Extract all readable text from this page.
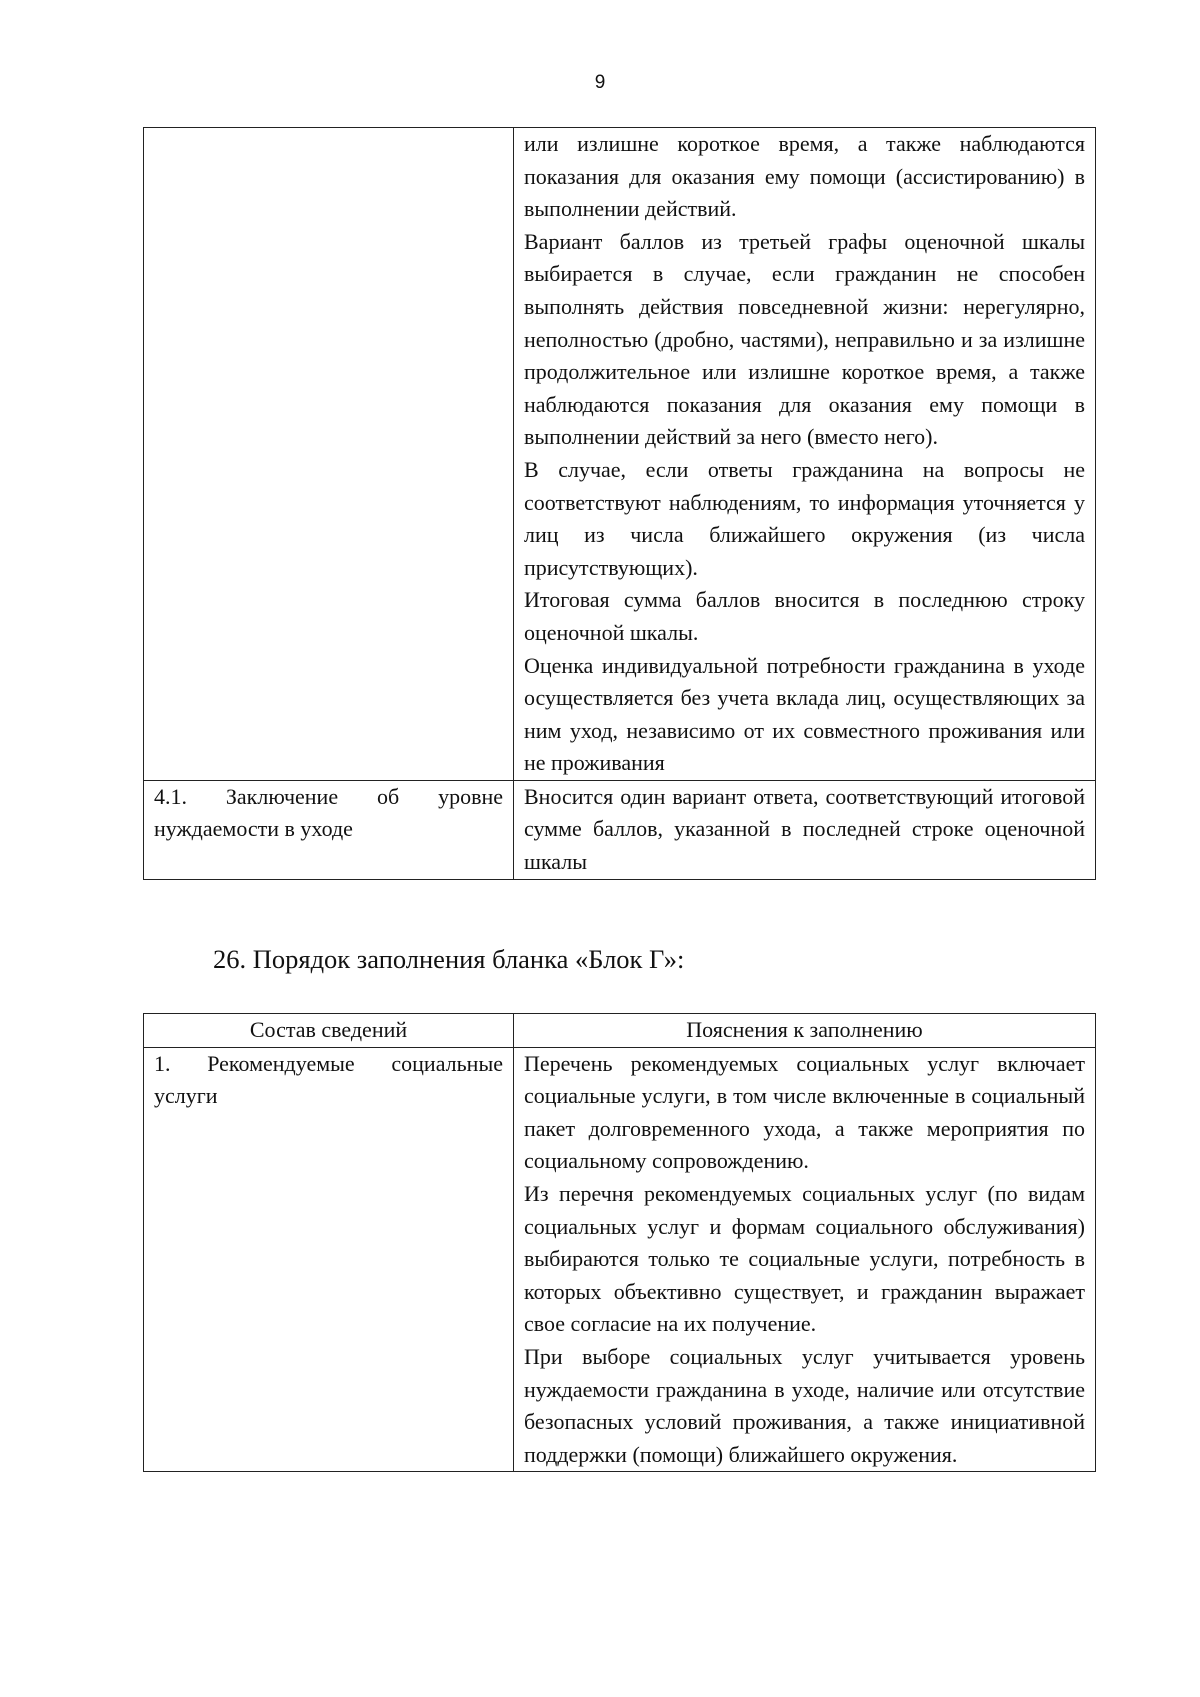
9

	или излишне короткое время, а также наблюдаются показания для оказания ему помощи (ассистированию) в выполнении действий.
Вариант баллов из третьей графы оценочной шкалы выбирается в случае, если гражданин не способен выполнять действия повседневной жизни: нерегулярно, неполностью (дробно, частями), неправильно и за излишне продолжительное или излишне короткое время, а также наблюдаются показания для оказания ему помощи в выполнении действий за него (вместо него).
В случае, если ответы гражданина на вопросы не соответствуют наблюдениям, то информация уточняется у лиц из числа ближайшего окружения (из числа присутствующих).
Итоговая сумма баллов вносится в последнюю строку оценочной шкалы.
Оценка индивидуальной потребности гражданина в уходе осуществляется без учета вклада лиц, осуществляющих за ним уход, независимо от их совместного проживания или не проживания

4.1. Заключение об уровне нуждаемости в уходе	Вносится один вариант ответа, соответствующий итоговой сумме баллов, указанной в последней строке оценочной шкалы
26. Порядок заполнения бланка «Блок Г»:
Состав сведений	Пояснения к заполнению

1. Рекомендуемые социальные услуги	Перечень рекомендуемых социальных услуг включает социальные услуги, в том числе включенные в социальный пакет долговременного ухода, а также мероприятия по социальному сопровождению.
Из перечня рекомендуемых социальных услуг (по видам социальных услуг и формам социального обслуживания) выбираются только те социальные услуги, потребность в которых объективно существует, и гражданин выражает свое согласие на их получение.
При выборе социальных услуг учитывается уровень нуждаемости гражданина в уходе, наличие или отсутствие безопасных условий проживания, а также инициативной поддержки (помощи) ближайшего окружения.
